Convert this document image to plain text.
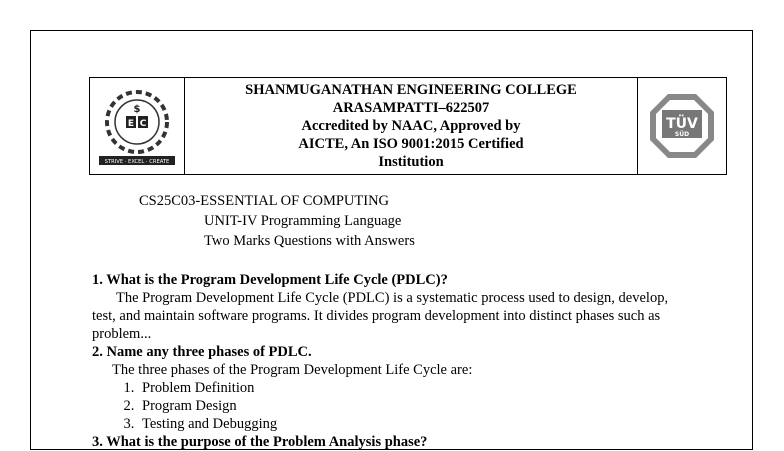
E C
$
STRIVE · EXCEL · CREATE
SHANMUGANATHAN ENGINEERING COLLEGE
ARASAMPATTI–622507
Accredited by NAAC, Approved by
AICTE, An ISO 9001:2015 Certified
Institution
TÜV
SÜD
CS25C03-ESSENTIAL OF COMPUTING
UNIT-IV Programming Language
Two Marks Questions with Answers
1. What is the Program Development Life Cycle (PDLC)?
The Program Development Life Cycle (PDLC) is a systematic process used to design, develop, test, and maintain software programs. It divides program development into distinct phases such as problem...
2. Name any three phases of PDLC.
The three phases of the Program Development Life Cycle are:
1. Problem Definition
2. Program Design
3. Testing and Debugging
3. What is the purpose of the Problem Analysis phase?
